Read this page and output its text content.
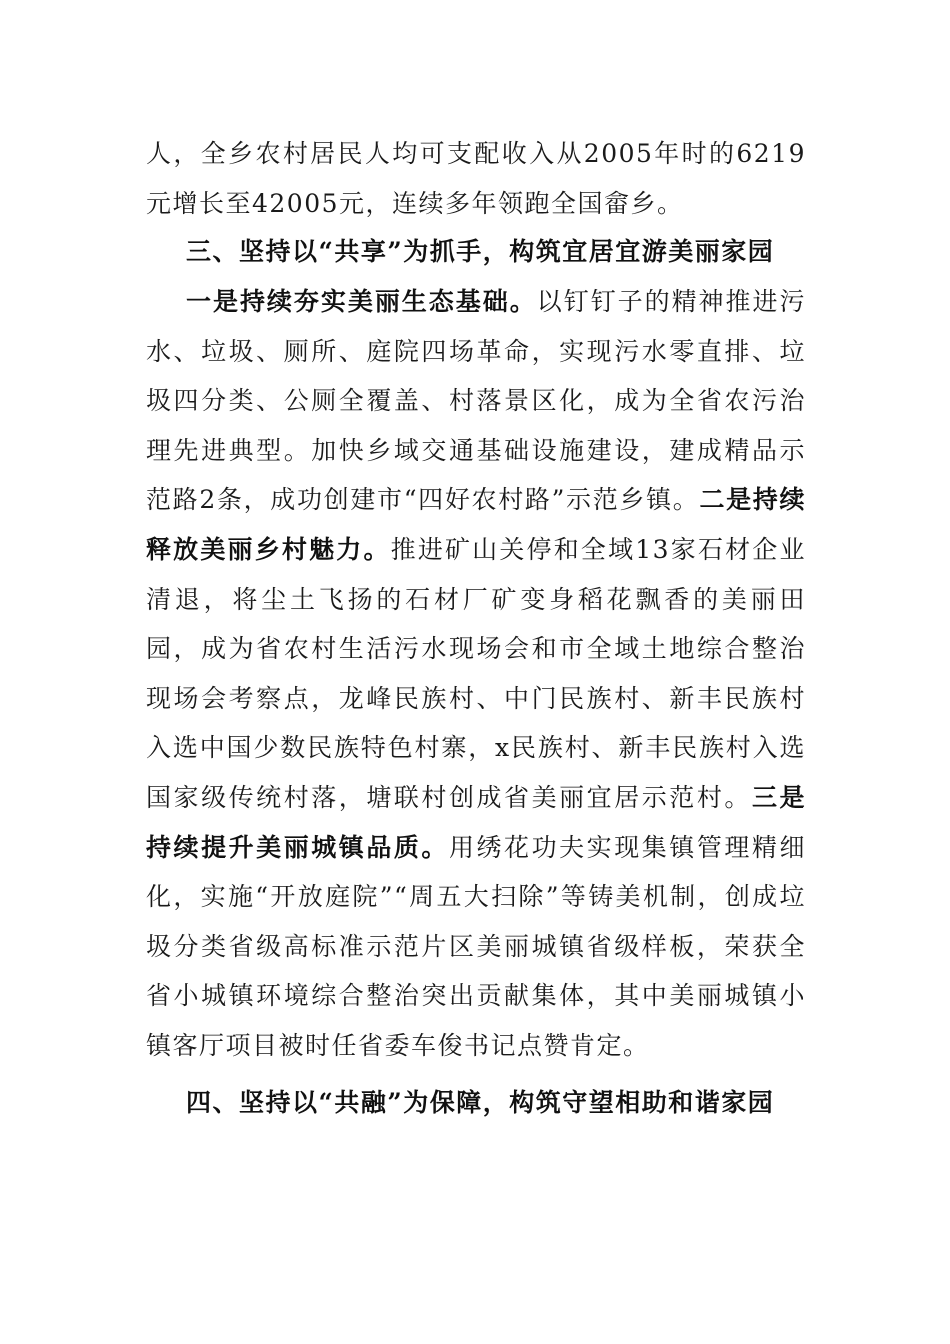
人，全乡农村居民人均可支配收入从2005年时的6219元增长至42005元，连续多年领跑全国畲乡。

三、坚持以“共享”为抓手，构筑宜居宜游美丽家园

一是持续夯实美丽生态基础。以钉钉子的精神推进污水、垃圾、厕所、庭院四场革命，实现污水零直排、垃圾四分类、公厕全覆盖、村落景区化，成为全省农污治理先进典型。加快乡域交通基础设施建设，建成精品示范路2条，成功创建市“四好农村路”示范乡镇。二是持续释放美丽乡村魅力。推进矿山关停和全域13家石材企业清退，将尘土飞扬的石材厂矿变身稻花飘香的美丽田园，成为省农村生活污水现场会和市全域土地综合整治现场会考察点，龙峰民族村、中门民族村、新丰民族村入选中国少数民族特色村寨，x民族村、新丰民族村入选国家级传统村落，塘联村创成省美丽宜居示范村。三是持续提升美丽城镇品质。用绣花功夫实现集镇管理精细化，实施“开放庭院”“周五大扫除”等铸美机制，创成垃圾分类省级高标准示范片区美丽城镇省级样板，荣获全省小城镇环境综合整治突出贡献集体，其中美丽城镇小镇客厅项目被时任省委车俊书记点赞肯定。

四、坚持以“共融”为保障，构筑守望相助和谐家园
